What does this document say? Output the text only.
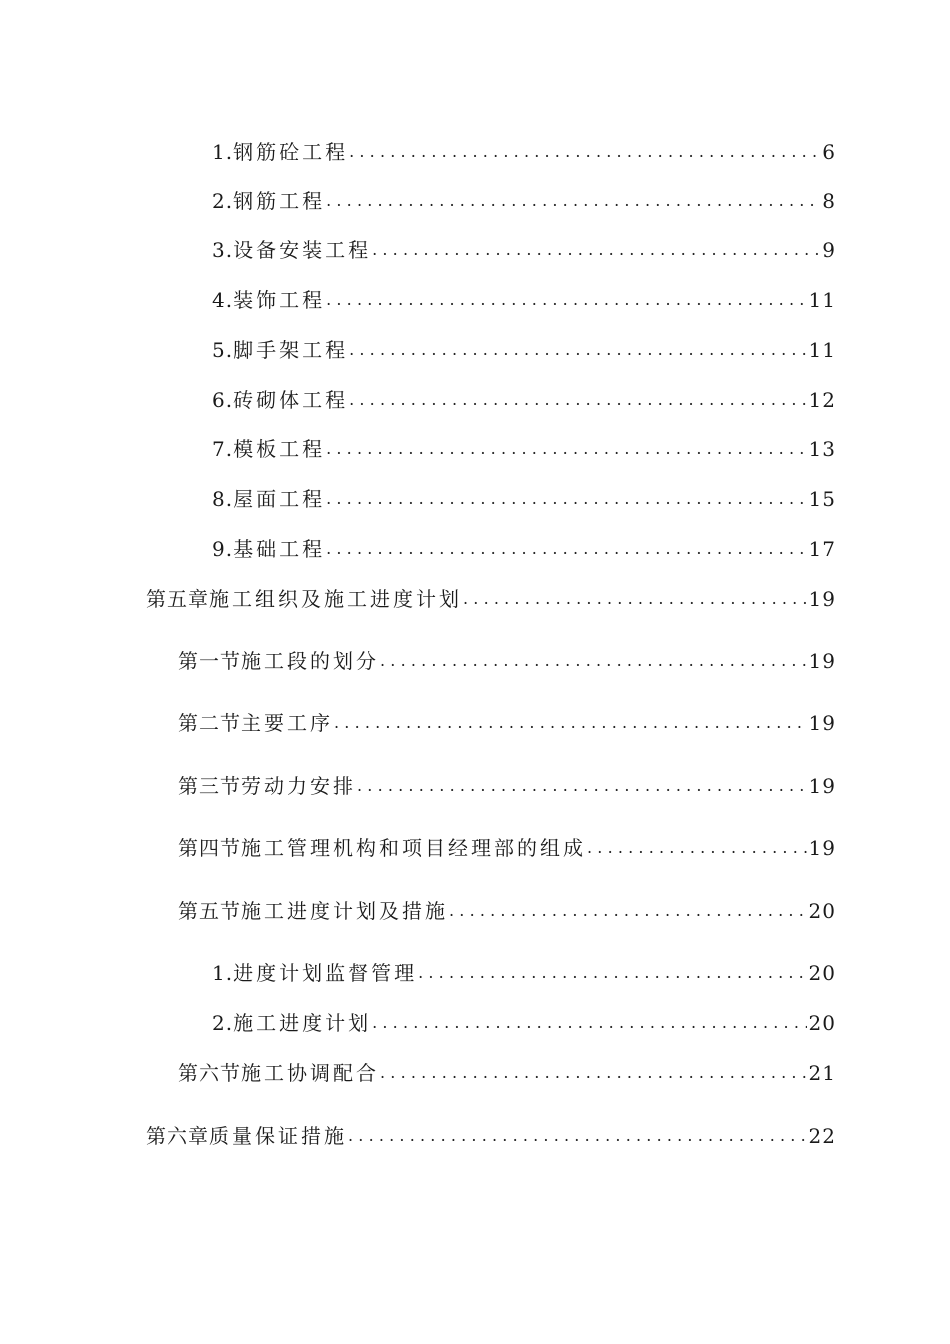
1. 钢筋砼工程 .....	6
2. 钢筋工程 .....	8
3. 设备安装工程 .....	9
4. 装饰工程 .....	11
5. 脚手架工程 .....	11
6. 砖砌体工程 .....	12
7. 模板工程 .....	13
8. 屋面工程 .....	15
9. 基础工程 .....	17
第五章 施工组织及施工进度计划 .....	19
第一节 施工段的划分 .....	19
第二节 主要工序 .....	19
第三节 劳动力安排 .....	19
第四节 施工管理机构和项目经理部的组成 .....	19
第五节 施工进度计划及措施 .....	20
1. 进度计划监督管理 .....	20
2. 施工进度计划 .....	20
第六节 施工协调配合 .....	21
第六章 质量保证措施 .....	22
